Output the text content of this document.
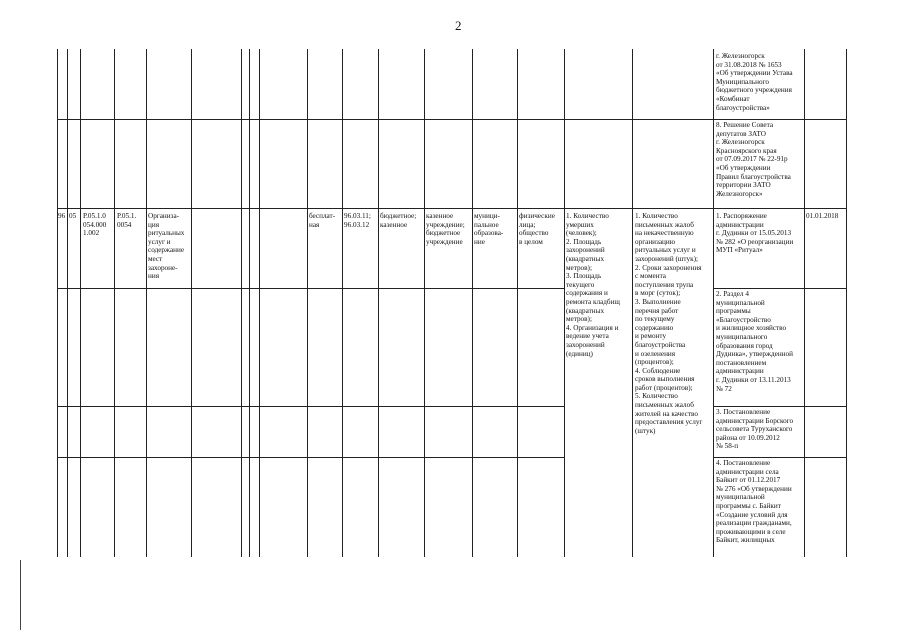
2
г. Железногорск
от 31.08.2018 № 1653
«Об утверждении Устава
Муниципального
бюджетного учреждения
«Комбинат
благоустройства»
8. Решение Совета
депутатов ЗАТО
г. Железногорск
Красноярского края
от 07.09.2017 № 22-91р
«Об утверждении
Правил благоустройства
территории ЗАТО
Железногорск»
96 05 Р.05.1.0
054.000
1.002
Р.05.1.
0054
Организа-
ция
ритуальных
услуг и
содержание
мест
захороне-
ния
бесплат-
ная
96.03.11;
96.03.12
бюджетное;
казенное
казенное
учреждение;
бюджетное
учреждение
муници-
пальное
образова-
ние
физические
лица;
общество
в целом
1. Количество
умерших
(человек);
2. Площадь
захоронений
(квадратных
метров);
3. Площадь
текущего
содержания и
ремонта кладбищ
(квадратных
метров);
4. Организация и
ведение учета
захоронений
(единиц)
1. Количество
письменных жалоб
на некачественную
организацию
ритуальных услуг и
захоронений (штук);
2. Сроки захоронения
с момента
поступления трупа
в морг (суток);
3. Выполнение
перечня работ
по текущему
содержанию
и ремонту
благоустройства
и озеленения
(процентов);
4. Соблюдение
сроков выполнения
работ (процентов);
5. Количество
письменных жалоб
жителей на качество
предоставления услуг
(штук)
1. Распоряжение
администрации
г. Дудинки от 15.05.2013
№ 282 «О реорганизации
МУП «Ритуал»
2. Раздел 4
муниципальной
программы
«Благоустройство
и жилищное хозяйство
муниципального
образования город
Дудинка», утвержденной
постановлением
администрации
г. Дудинки от 13.11.2013
№ 72
3. Постановление
администрации Борского
сельсовета Туруханского
района от 10.09.2012
№ 58-п
4. Постановление
администрации села
Байкит от 01.12.2017
№ 276 «Об утверждении
муниципальной
программы с. Байкит
«Создание условий для
реализации гражданами,
проживающими в селе
Байкит, жилищных
01.01.2018
